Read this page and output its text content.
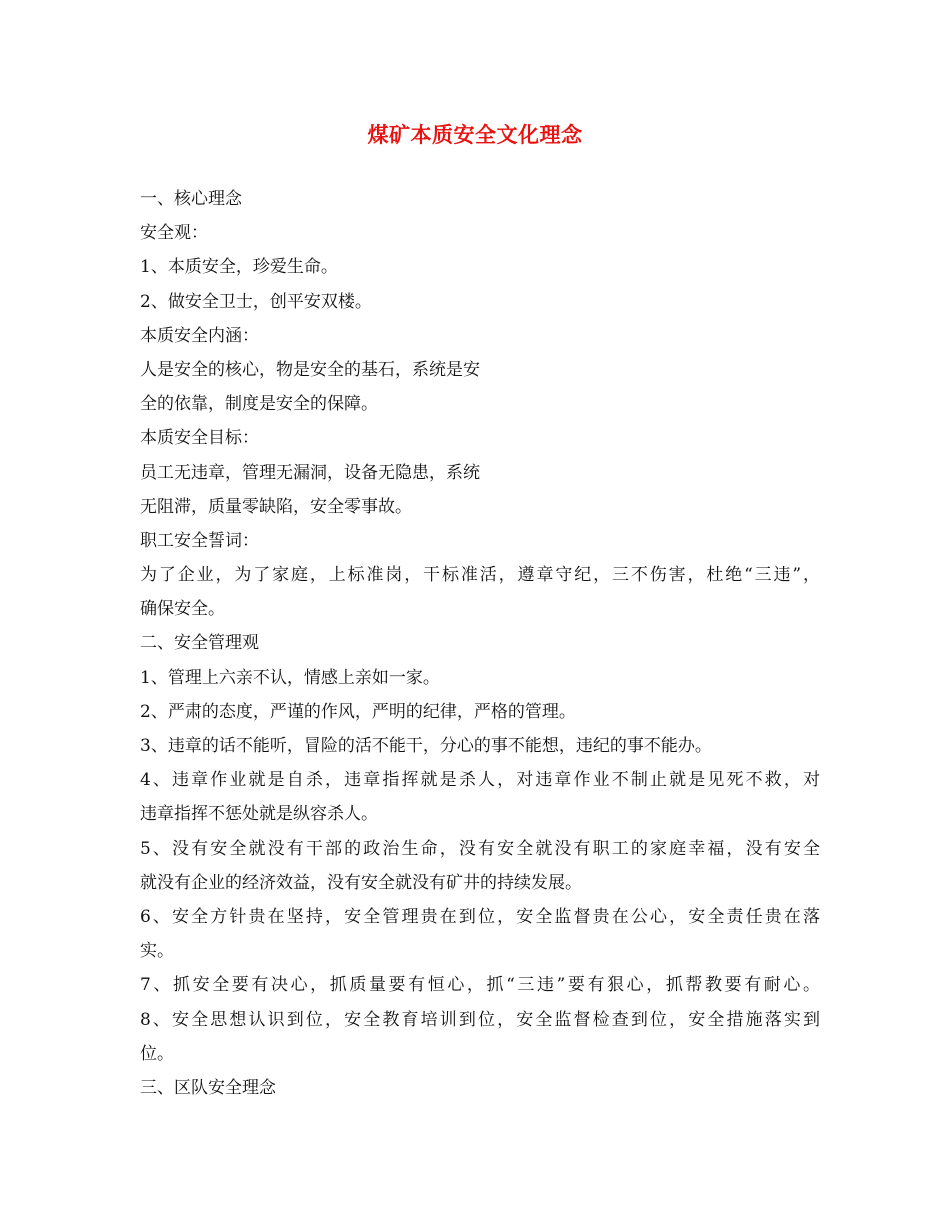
煤矿本质安全文化理念
一、核心理念
安全观：
1、本质安全，珍爱生命。
2、做安全卫士，创平安双楼。
本质安全内涵：
人是安全的核心，物是安全的基石，系统是安
全的依靠，制度是安全的保障。
本质安全目标：
员工无违章，管理无漏洞，设备无隐患，系统
无阻滞，质量零缺陷，安全零事故。
职工安全誓词：
为了企业，为了家庭，上标准岗，干标准活，遵章守纪，三不伤害，杜绝“三违”，
确保安全。
二、安全管理观
1、管理上六亲不认，情感上亲如一家。
2、严肃的态度，严谨的作风，严明的纪律，严格的管理。
3、违章的话不能听，冒险的活不能干，分心的事不能想，违纪的事不能办。
4、违章作业就是自杀，违章指挥就是杀人，对违章作业不制止就是见死不救，对
违章指挥不惩处就是纵容杀人。
5、没有安全就没有干部的政治生命，没有安全就没有职工的家庭幸福，没有安全
就没有企业的经济效益，没有安全就没有矿井的持续发展。
6、安全方针贵在坚持，安全管理贵在到位，安全监督贵在公心，安全责任贵在落
实。
7、抓安全要有决心，抓质量要有恒心，抓“三违”要有狠心，抓帮教要有耐心。
8、安全思想认识到位，安全教育培训到位，安全监督检查到位，安全措施落实到
位。
三、区队安全理念
